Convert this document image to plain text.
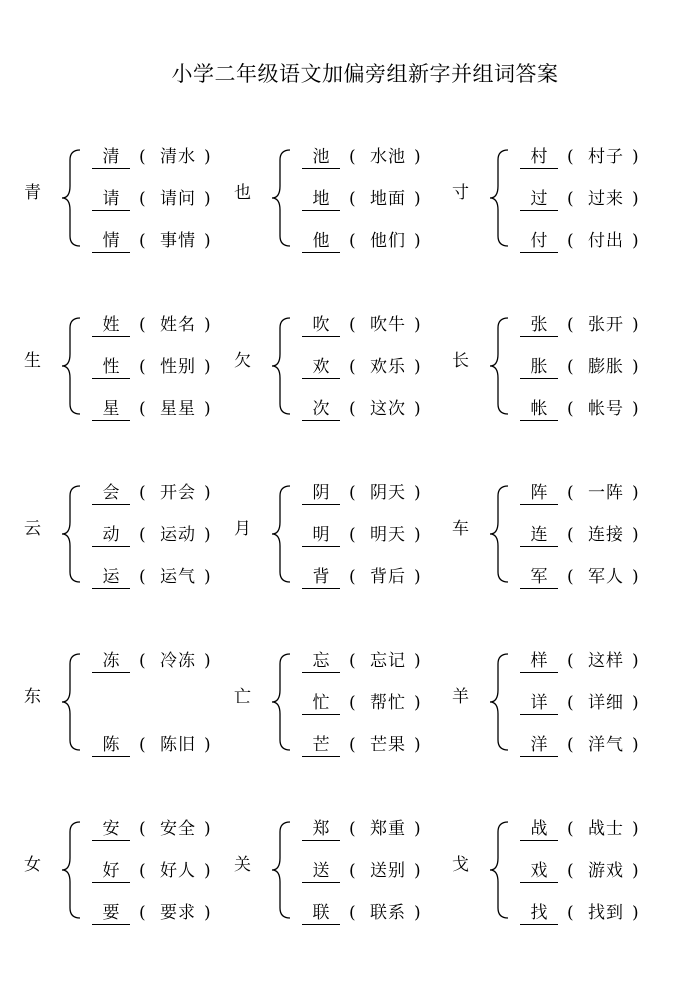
小学二年级语文加偏旁组新字并组词答案
青
清	( 清水 )
请	( 请问 )
情	( 事情 )
也
池	( 水池 )
地	( 地面 )
他	( 他们 )
寸
村	( 村子 )
过	( 过来 )
付	( 付出 )
生
姓	( 姓名 )
性	( 性别 )
星	( 星星 )
欠
吹	( 吹牛 )
欢	( 欢乐 )
次	( 这次 )
长
张	( 张开 )
胀	( 膨胀 )
帐	( 帐号 )
云
会	( 开会 )
动	( 运动 )
运	( 运气 )
月
阴	( 阴天 )
明	( 明天 )
背	( 背后 )
车
阵	( 一阵 )
连	( 连接 )
军	( 军人 )
东
冻	( 冷冻 )
陈	( 陈旧 )
亡
忘	( 忘记 )
忙	( 帮忙 )
芒	( 芒果 )
羊
样	( 这样 )
详	( 详细 )
洋	( 洋气 )
女
安	( 安全 )
好	( 好人 )
要	( 要求 )
关
郑	( 郑重 )
送	( 送别 )
联	( 联系 )
戈
战	( 战士 )
戏	( 游戏 )
找	( 找到 )
